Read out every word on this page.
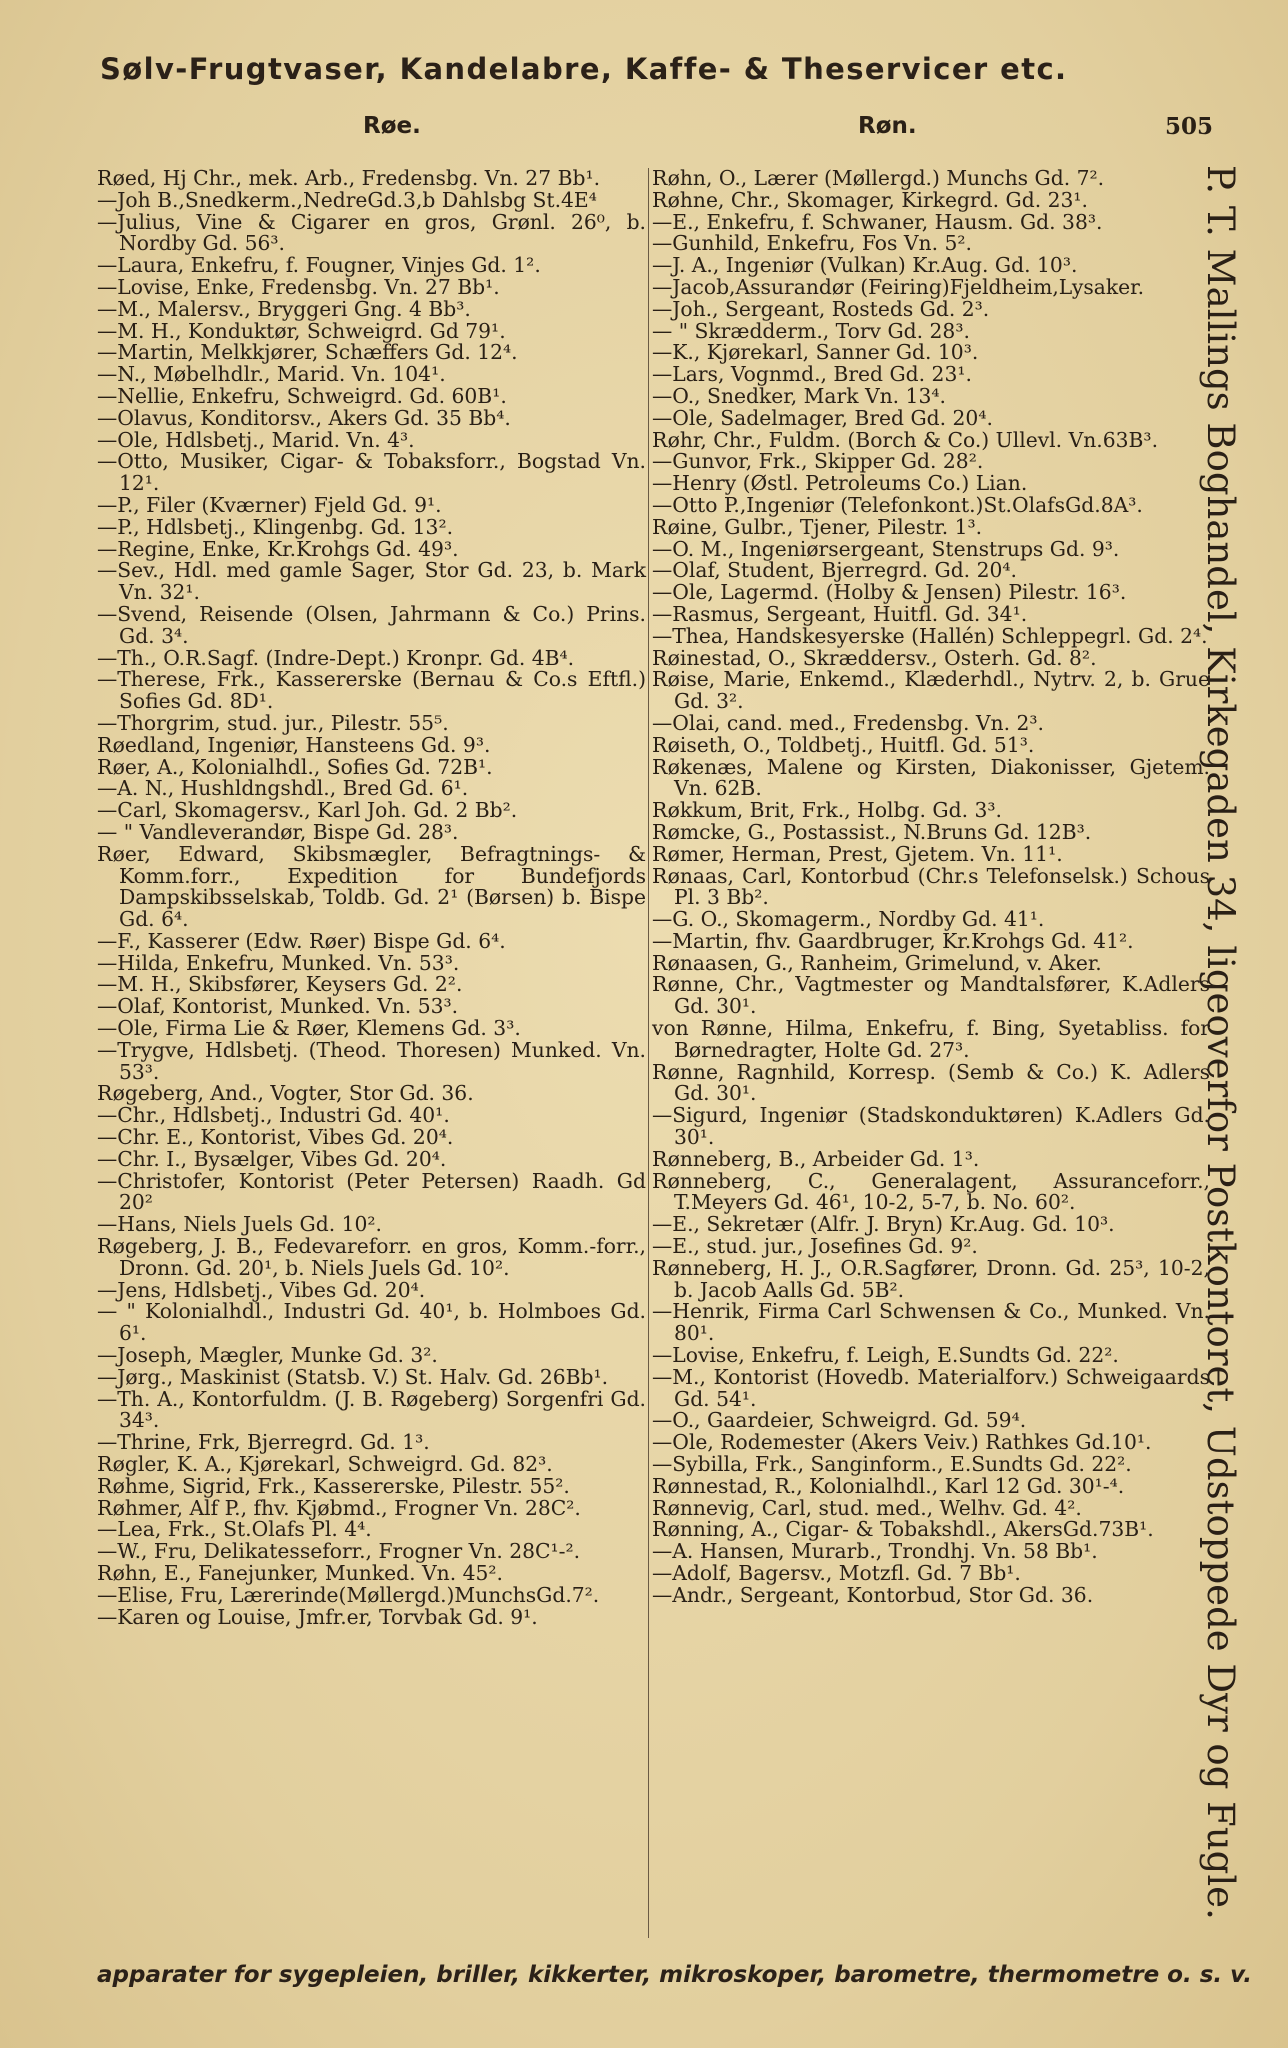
Sølv-Frugtvaser, Kandelabre, Kaffe- & Theservicer etc.
Røe.	Røn.	505

Røed, Hj Chr., mek. Arb., Fredensbg. Vn. 27 Bb¹.

—Joh B.,Snedkerm.,NedreGd.3,b Dahlsbg St.4E⁴

—Julius, Vine & Cigarer en gros, Grønl. 26⁰, b. Nordby Gd. 56³.

—Laura, Enkefru, f. Fougner, Vinjes Gd. 1².

—Lovise, Enke, Fredensbg. Vn. 27 Bb¹.

—M., Malersv., Bryggeri Gng. 4 Bb³.

—M. H., Konduktør, Schweigrd. Gd 79¹.

—Martin, Melkkjører, Schæffers Gd. 12⁴.

—N., Møbelhdlr., Marid. Vn. 104¹.

—Nellie, Enkefru, Schweigrd. Gd. 60B¹.

—Olavus, Konditorsv., Akers Gd. 35 Bb⁴.

—Ole, Hdlsbetj., Marid. Vn. 4³.

—Otto, Musiker, Cigar- & Tobaksforr., Bogstad Vn. 12¹.

—P., Filer (Kværner) Fjeld Gd. 9¹.

—P., Hdlsbetj., Klingenbg. Gd. 13².

—Regine, Enke, Kr.Krohgs Gd. 49³.

—Sev., Hdl. med gamle Sager, Stor Gd. 23, b. Mark Vn. 32¹.

—Svend, Reisende (Olsen, Jahrmann & Co.) Prins. Gd. 3⁴.

—Th., O.R.Sagf. (Indre-Dept.) Kronpr. Gd. 4B⁴.

—Therese, Frk., Kassererske (Bernau & Co.s Eftfl.) Sofies Gd. 8D¹.

—Thorgrim, stud. jur., Pilestr. 55⁵.

Røedland, Ingeniør, Hansteens Gd. 9³.

Røer, A., Kolonialhdl., Sofies Gd. 72B¹.

—A. N., Hushldngshdl., Bred Gd. 6¹.

—Carl, Skomagersv., Karl Joh. Gd. 2 Bb².

— " Vandleverandør, Bispe Gd. 28³.

Røer, Edward, Skibsmægler, Befragtnings- & Komm.forr., Expedition for Bundefjords Dampskibsselskab, Toldb. Gd. 2¹ (Børsen) b. Bispe Gd. 6⁴.

—F., Kasserer (Edw. Røer) Bispe Gd. 6⁴.

—Hilda, Enkefru, Munked. Vn. 53³.

—M. H., Skibsfører, Keysers Gd. 2².

—Olaf, Kontorist, Munked. Vn. 53³.

—Ole, Firma Lie & Røer, Klemens Gd. 3³.

—Trygve, Hdlsbetj. (Theod. Thoresen) Munked. Vn. 53³.

Røgeberg, And., Vogter, Stor Gd. 36.

—Chr., Hdlsbetj., Industri Gd. 40¹.

—Chr. E., Kontorist, Vibes Gd. 20⁴.

—Chr. I., Bysælger, Vibes Gd. 20⁴.

—Christofer, Kontorist (Peter Petersen) Raadh. Gd 20²

—Hans, Niels Juels Gd. 10².

Røgeberg, J. B., Fedevareforr. en gros, Komm.-forr., Dronn. Gd. 20¹, b. Niels Juels Gd. 10².

—Jens, Hdlsbetj., Vibes Gd. 20⁴.

— " Kolonialhdl., Industri Gd. 40¹, b. Holmboes Gd. 6¹.

—Joseph, Mægler, Munke Gd. 3².

—Jørg., Maskinist (Statsb. V.) St. Halv. Gd. 26Bb¹.

—Th. A., Kontorfuldm. (J. B. Røgeberg) Sorgenfri Gd. 34³.

—Thrine, Frk, Bjerregrd. Gd. 1³.

Røgler, K. A., Kjørekarl, Schweigrd. Gd. 82³.

Røhme, Sigrid, Frk., Kassererske, Pilestr. 55².

Røhmer, Alf P., fhv. Kjøbmd., Frogner Vn. 28C².

—Lea, Frk., St.Olafs Pl. 4⁴.

—W., Fru, Delikatesseforr., Frogner Vn. 28C¹-².

Røhn, E., Fanejunker, Munked. Vn. 45².

—Elise, Fru, Lærerinde(Møllergd.)MunchsGd.7².

—Karen og Louise, Jmfr.er, Torvbak Gd. 9¹.

Røhn, O., Lærer (Møllergd.) Munchs Gd. 7².

Røhne, Chr., Skomager, Kirkegrd. Gd. 23¹.

—E., Enkefru, f. Schwaner, Hausm. Gd. 38³.

—Gunhild, Enkefru, Fos Vn. 5².

—J. A., Ingeniør (Vulkan) Kr.Aug. Gd. 10³.

—Jacob,Assurandør (Feiring)Fjeldheim,Lysaker.

—Joh., Sergeant, Rosteds Gd. 2³.

— " Skrædderm., Torv Gd. 28³.

—K., Kjørekarl, Sanner Gd. 10³.

—Lars, Vognmd., Bred Gd. 23¹.

—O., Snedker, Mark Vn. 13⁴.

—Ole, Sadelmager, Bred Gd. 20⁴.

Røhr, Chr., Fuldm. (Borch & Co.) Ullevl. Vn.63B³.

—Gunvor, Frk., Skipper Gd. 28².

—Henry (Østl. Petroleums Co.) Lian.

—Otto P.,Ingeniør (Telefonkont.)St.OlafsGd.8A³.

Røine, Gulbr., Tjener, Pilestr. 1³.

—O. M., Ingeniørsergeant, Stenstrups Gd. 9³.

—Olaf, Student, Bjerregrd. Gd. 20⁴.

—Ole, Lagermd. (Holby & Jensen) Pilestr. 16³.

—Rasmus, Sergeant, Huitfl. Gd. 34¹.

—Thea, Handskesyerske (Hallén) Schleppegrl. Gd. 2⁴.

Røinestad, O., Skræddersv., Osterh. Gd. 8².

Røise, Marie, Enkemd., Klæderhdl., Nytrv. 2, b. Grue Gd. 3².

—Olai, cand. med., Fredensbg. Vn. 2³.

Røiseth, O., Toldbetj., Huitfl. Gd. 51³.

Røkenæs, Malene og Kirsten, Diakonisser, Gjetem. Vn. 62B.

Røkkum, Brit, Frk., Holbg. Gd. 3³.

Rømcke, G., Postassist., N.Bruns Gd. 12B³.

Rømer, Herman, Prest, Gjetem. Vn. 11¹.

Rønaas, Carl, Kontorbud (Chr.s Telefonselsk.) Schous Pl. 3 Bb².

—G. O., Skomagerm., Nordby Gd. 41¹.

—Martin, fhv. Gaardbruger, Kr.Krohgs Gd. 41².

Rønaasen, G., Ranheim, Grimelund, v. Aker.

Rønne, Chr., Vagtmester og Mandtalsfører, K.Adlers Gd. 30¹.

von Rønne, Hilma, Enkefru, f. Bing, Syetabliss. for Børnedragter, Holte Gd. 27³.

Rønne, Ragnhild, Korresp. (Semb & Co.) K. Adlers Gd. 30¹.

—Sigurd, Ingeniør (Stadskonduktøren) K.Adlers Gd. 30¹.

Rønneberg, B., Arbeider Gd. 1³.

Rønneberg, C., Generalagent, Assuranceforr., T.Meyers Gd. 46¹, 10-2, 5-7, b. No. 60².

—E., Sekretær (Alfr. J. Bryn) Kr.Aug. Gd. 10³.

—E., stud. jur., Josefines Gd. 9².

Rønneberg, H. J., O.R.Sagfører, Dronn. Gd. 25³, 10-2, b. Jacob Aalls Gd. 5B².

—Henrik, Firma Carl Schwensen & Co., Munked. Vn. 80¹.

—Lovise, Enkefru, f. Leigh, E.Sundts Gd. 22².

—M., Kontorist (Hovedb. Materialforv.) Schweigaards Gd. 54¹.

—O., Gaardeier, Schweigrd. Gd. 59⁴.

—Ole, Rodemester (Akers Veiv.) Rathkes Gd.10¹.

—Sybilla, Frk., Sanginform., E.Sundts Gd. 22².

Rønnestad, R., Kolonialhdl., Karl 12 Gd. 30¹-⁴.

Rønnevig, Carl, stud. med., Welhv. Gd. 4².

Rønning, A., Cigar- & Tobakshdl., AkersGd.73B¹.

—A. Hansen, Murarb., Trondhj. Vn. 58 Bb¹.

—Adolf, Bagersv., Motzfl. Gd. 7 Bb¹.

—Andr., Sergeant, Kontorbud, Stor Gd. 36.	P. T. Mallings Boghandel, Kirkegaden 34, ligeoverfor Postkontoret, Udstoppede Dyr og Fugle.
apparater for sygepleien, briller, kikkerter, mikroskoper, barometre, thermometre o. s. v.
